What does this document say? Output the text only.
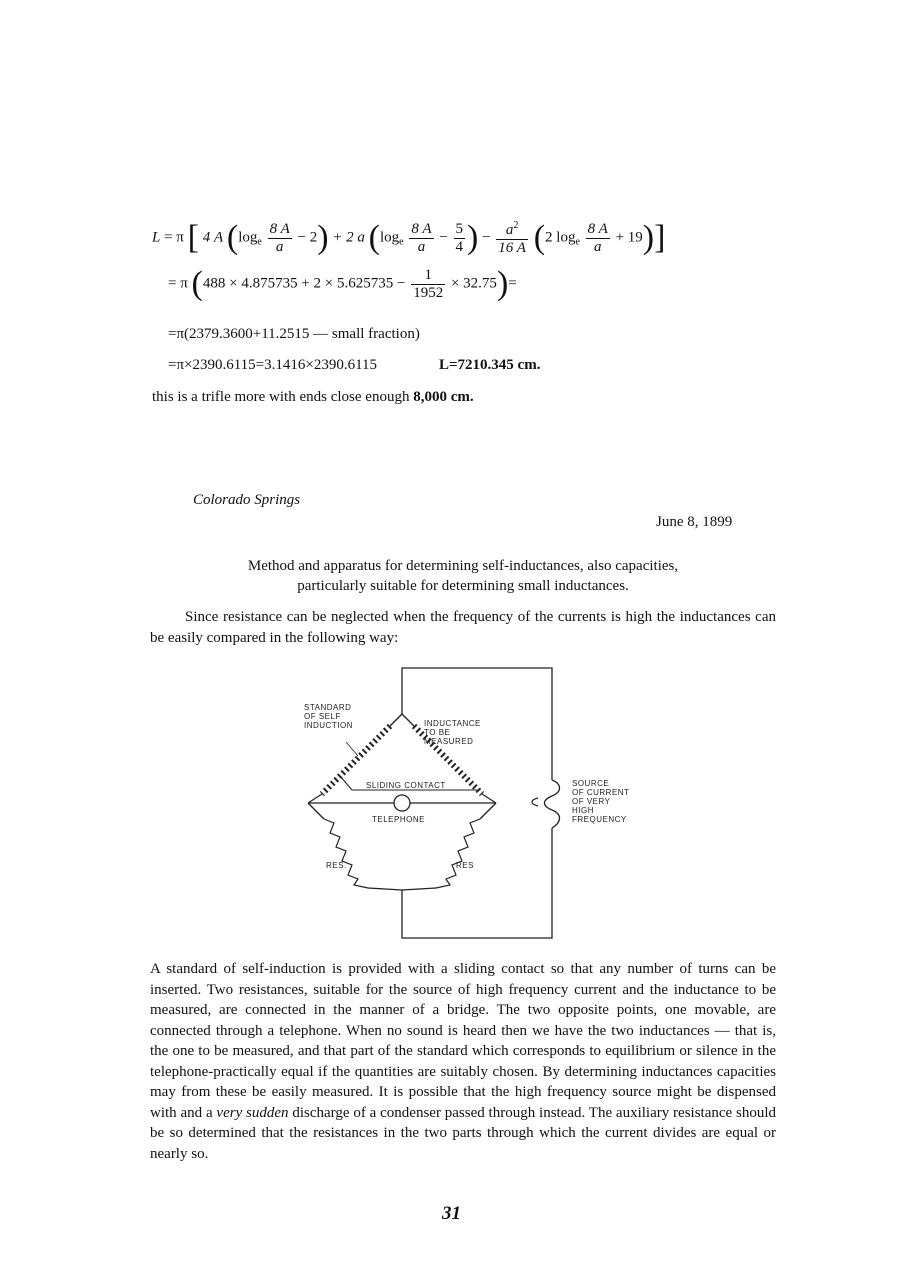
L = π [ 4 A $(\log_e \frac{8 A}{a} - 2) + 2$ a ($\log_e \frac{8 A}{a} - \frac{5}{4}$ ) − $\frac{a^2}{16 A} (2$ $\log_e \frac{8 A}{a} + 19$)]
= π $(488 \times 4.875735 + 2 \times 5.625735 - \frac{1}{1952} \times 32.75)=$
=π(2379.3600+11.2515 — small fraction)
=π×2390.6115=3.1416×2390.6115	L=7210.345 cm.
this is a trifle more with ends close enough 8,000 cm.
Colorado Springs
June 8, 1899
Method and apparatus for determining self-inductances, also capacities,
particularly suitable for determining small inductances.
Since resistance can be neglected when the frequency of the currents is high the inductances can be easily compared in the following way:
STANDARD
OF SELF
INDUCTION	INDUCTANCE
TO BE
MEASURED
SLIDING CONTACT
TELEPHONE
SOURCE
OF CURRENT
OF VERY
HIGH
FREQUENCY
RES.	RES
A standard of self-induction is provided with a sliding contact so that any number of turns can be inserted. Two resistances, suitable for the source of high frequency current and the inductance to be measured, are connected in the manner of a bridge. The two opposite points, one movable, are connected through a telephone. When no sound is heard then we have the two inductances — that is, the one to be measured, and that part of the standard which corresponds to equilibrium or silence in the telephone-practically equal if the quantities are suitably chosen. By determining inductances capacities may from these be easily measured. It is possible that the high frequency source might be dispensed with and a very sudden discharge of a condenser passed through instead. The auxiliary resistance should be so determined that the resistances in the two parts through which the current divides are equal or nearly so.
31
